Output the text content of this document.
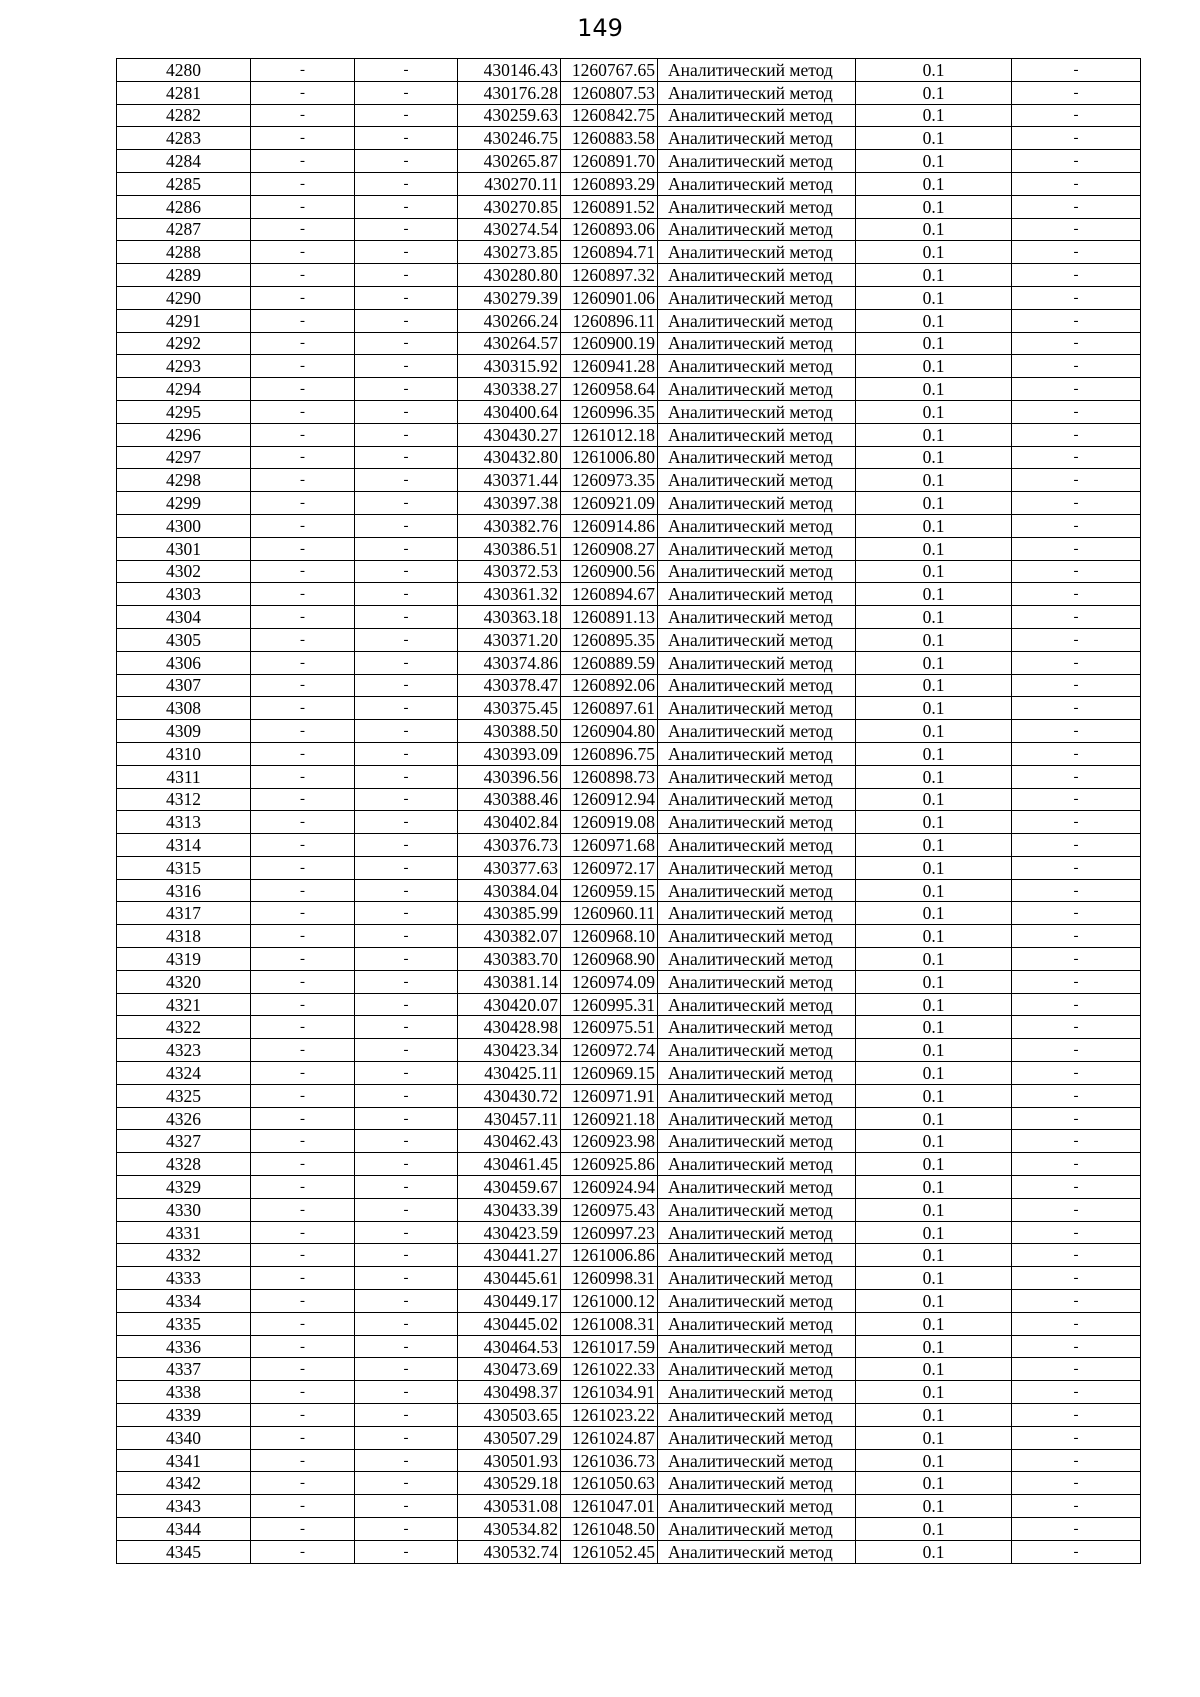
149
4280	-	-	430146.43	1260767.65	Аналитический метод	0.1	-
4281	-	-	430176.28	1260807.53	Аналитический метод	0.1	-
4282	-	-	430259.63	1260842.75	Аналитический метод	0.1	-
4283	-	-	430246.75	1260883.58	Аналитический метод	0.1	-
4284	-	-	430265.87	1260891.70	Аналитический метод	0.1	-
4285	-	-	430270.11	1260893.29	Аналитический метод	0.1	-
4286	-	-	430270.85	1260891.52	Аналитический метод	0.1	-
4287	-	-	430274.54	1260893.06	Аналитический метод	0.1	-
4288	-	-	430273.85	1260894.71	Аналитический метод	0.1	-
4289	-	-	430280.80	1260897.32	Аналитический метод	0.1	-
4290	-	-	430279.39	1260901.06	Аналитический метод	0.1	-
4291	-	-	430266.24	1260896.11	Аналитический метод	0.1	-
4292	-	-	430264.57	1260900.19	Аналитический метод	0.1	-
4293	-	-	430315.92	1260941.28	Аналитический метод	0.1	-
4294	-	-	430338.27	1260958.64	Аналитический метод	0.1	-
4295	-	-	430400.64	1260996.35	Аналитический метод	0.1	-
4296	-	-	430430.27	1261012.18	Аналитический метод	0.1	-
4297	-	-	430432.80	1261006.80	Аналитический метод	0.1	-
4298	-	-	430371.44	1260973.35	Аналитический метод	0.1	-
4299	-	-	430397.38	1260921.09	Аналитический метод	0.1	-
4300	-	-	430382.76	1260914.86	Аналитический метод	0.1	-
4301	-	-	430386.51	1260908.27	Аналитический метод	0.1	-
4302	-	-	430372.53	1260900.56	Аналитический метод	0.1	-
4303	-	-	430361.32	1260894.67	Аналитический метод	0.1	-
4304	-	-	430363.18	1260891.13	Аналитический метод	0.1	-
4305	-	-	430371.20	1260895.35	Аналитический метод	0.1	-
4306	-	-	430374.86	1260889.59	Аналитический метод	0.1	-
4307	-	-	430378.47	1260892.06	Аналитический метод	0.1	-
4308	-	-	430375.45	1260897.61	Аналитический метод	0.1	-
4309	-	-	430388.50	1260904.80	Аналитический метод	0.1	-
4310	-	-	430393.09	1260896.75	Аналитический метод	0.1	-
4311	-	-	430396.56	1260898.73	Аналитический метод	0.1	-
4312	-	-	430388.46	1260912.94	Аналитический метод	0.1	-
4313	-	-	430402.84	1260919.08	Аналитический метод	0.1	-
4314	-	-	430376.73	1260971.68	Аналитический метод	0.1	-
4315	-	-	430377.63	1260972.17	Аналитический метод	0.1	-
4316	-	-	430384.04	1260959.15	Аналитический метод	0.1	-
4317	-	-	430385.99	1260960.11	Аналитический метод	0.1	-
4318	-	-	430382.07	1260968.10	Аналитический метод	0.1	-
4319	-	-	430383.70	1260968.90	Аналитический метод	0.1	-
4320	-	-	430381.14	1260974.09	Аналитический метод	0.1	-
4321	-	-	430420.07	1260995.31	Аналитический метод	0.1	-
4322	-	-	430428.98	1260975.51	Аналитический метод	0.1	-
4323	-	-	430423.34	1260972.74	Аналитический метод	0.1	-
4324	-	-	430425.11	1260969.15	Аналитический метод	0.1	-
4325	-	-	430430.72	1260971.91	Аналитический метод	0.1	-
4326	-	-	430457.11	1260921.18	Аналитический метод	0.1	-
4327	-	-	430462.43	1260923.98	Аналитический метод	0.1	-
4328	-	-	430461.45	1260925.86	Аналитический метод	0.1	-
4329	-	-	430459.67	1260924.94	Аналитический метод	0.1	-
4330	-	-	430433.39	1260975.43	Аналитический метод	0.1	-
4331	-	-	430423.59	1260997.23	Аналитический метод	0.1	-
4332	-	-	430441.27	1261006.86	Аналитический метод	0.1	-
4333	-	-	430445.61	1260998.31	Аналитический метод	0.1	-
4334	-	-	430449.17	1261000.12	Аналитический метод	0.1	-
4335	-	-	430445.02	1261008.31	Аналитический метод	0.1	-
4336	-	-	430464.53	1261017.59	Аналитический метод	0.1	-
4337	-	-	430473.69	1261022.33	Аналитический метод	0.1	-
4338	-	-	430498.37	1261034.91	Аналитический метод	0.1	-
4339	-	-	430503.65	1261023.22	Аналитический метод	0.1	-
4340	-	-	430507.29	1261024.87	Аналитический метод	0.1	-
4341	-	-	430501.93	1261036.73	Аналитический метод	0.1	-
4342	-	-	430529.18	1261050.63	Аналитический метод	0.1	-
4343	-	-	430531.08	1261047.01	Аналитический метод	0.1	-
4344	-	-	430534.82	1261048.50	Аналитический метод	0.1	-
4345	-	-	430532.74	1261052.45	Аналитический метод	0.1	-
